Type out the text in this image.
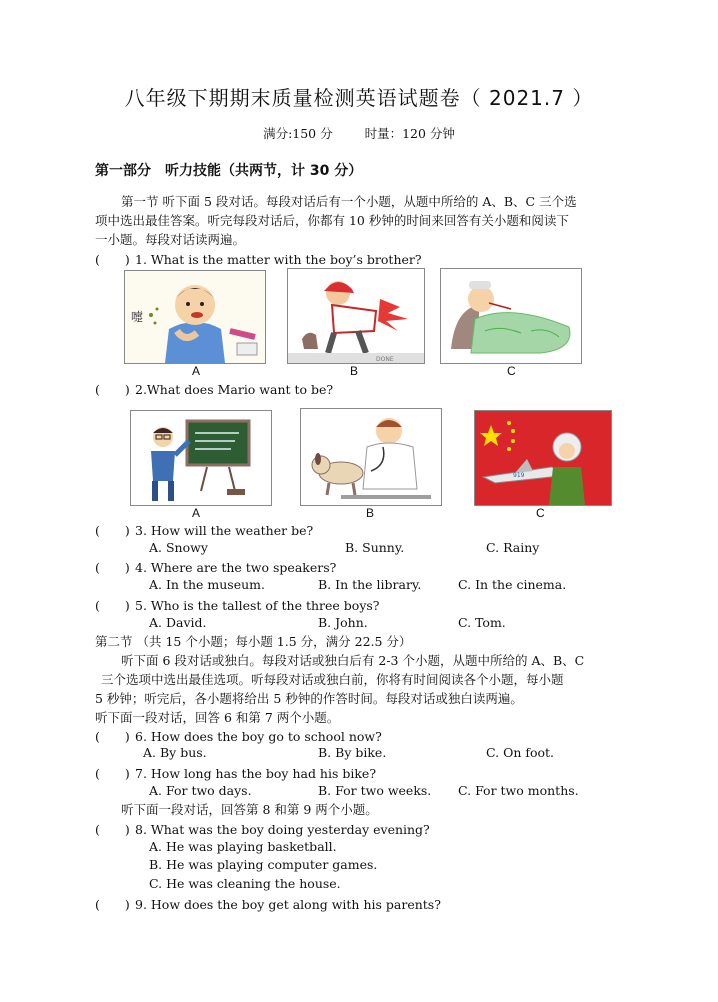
八年级下期期末质量检测英语试题卷（ 2021.7 ）
满分:150 分	时量：120 分钟
第一部分　听力技能（共两节，计 30 分）
第一节 听下面 5 段对话。每段对话后有一个小题，从题中所给的 A、B、C 三个选
项中选出最佳答案。听完每段对话后，你都有 10 秒钟的时间来回答有关小题和阅读下
一小题。每段对话读两遍。
(　　) 1. What is the matter with the boy’s brother?
嚏
A
DONE
B	C
(　　) 2.What does Mario want to be?
A	B
919
C
(　　) 3. How will the weather be?
A. Snowy	B. Sunny.	C. Rainy
(　　) 4. Where are the two speakers?
A. In the museum.	B. In the library.	C. In the cinema.
(　　) 5. Who is the tallest of the three boys?
A. David.	B. John.	C. Tom.
第二节 （共 15 个小题；每小题 1.5 分，满分 22.5 分）
听下面 6 段对话或独白。每段对话或独白后有 2-3 个小题，从题中所给的 A、B、C
三个选项中选出最佳选项。听每段对话或独白前，你将有时间阅读各个小题，每小题
5 秒钟；听完后，各小题将给出 5 秒钟的作答时间。每段对话或独白读两遍。
听下面一段对话，回答 6 和第 7 两个小题。
(　　) 6. How does the boy go to school now?
A. By bus.	B. By bike.	C. On foot.
(　　) 7. How long has the boy had his bike?
A. For two days.	B. For two weeks. C. For two months.
听下面一段对话，回答第 8 和第 9 两个小题。
(　　) 8. What was the boy doing yesterday evening?
A. He was playing basketball.
B. He was playing computer games.
C. He was cleaning the house.
(　　) 9. How does the boy get along with his parents?
